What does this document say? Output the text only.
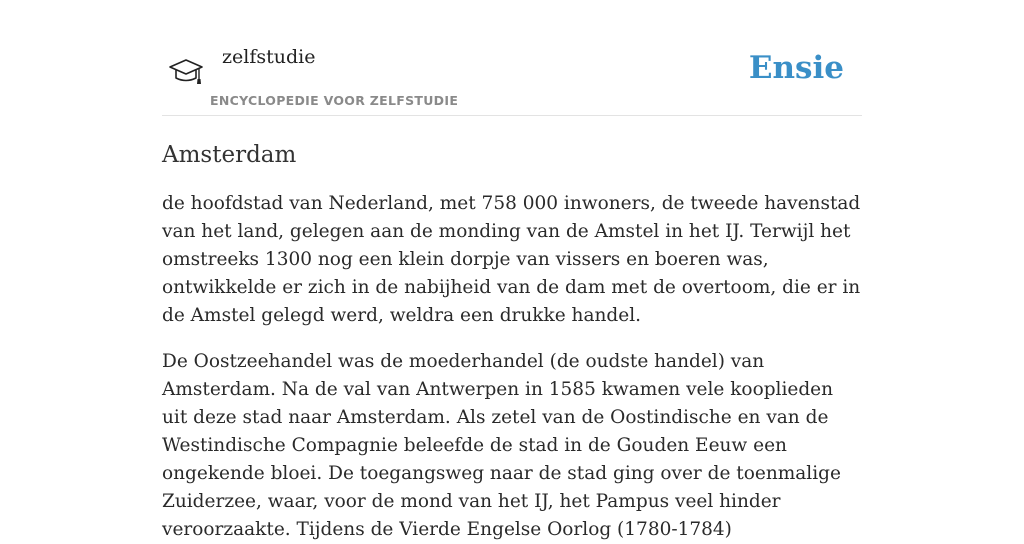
zelfstudie
ENCYCLOPEDIE VOOR ZELFSTUDIE
Ensie
Amsterdam

de hoofdstad van Nederland, met 758 000 inwoners, de tweede havenstad van het land, gelegen aan de monding van de Amstel in het IJ. Terwijl het omstreeks 1300 nog een klein dorpje van vissers en boeren was, ontwikkelde er zich in de nabijheid van de dam met de overtoom, die er in de Amstel gelegd werd, weldra een drukke handel.

De Oostzeehandel was de moederhandel (de oudste handel) van Amsterdam. Na de val van Antwerpen in 1585 kwamen vele kooplieden uit deze stad naar Amsterdam. Als zetel van de Oostindische en van de Westindische Compagnie beleefde de stad in de Gouden Eeuw een ongekende bloei. De toegangsweg naar de stad ging over de toenmalige Zuiderzee, waar, voor de mond van het IJ, het Pampus veel hinder veroorzaakte. Tijdens de Vierde Engelse Oorlog (1780-1784)
